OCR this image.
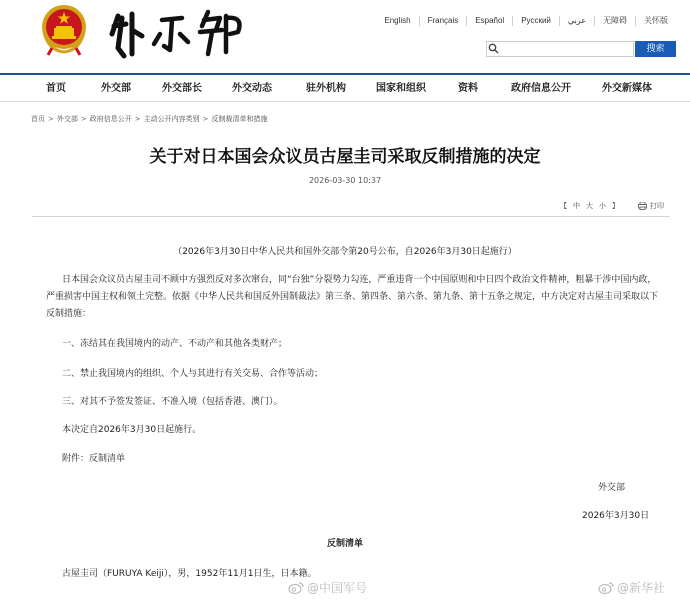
English	Français	Español	Русский	عربي	无障碍	关怀版
搜索
首页	外交部	外交部长	外交动态	驻外机构	国家和组织	资料	政府信息公开	外交新媒体
首页 > 外交部 > 政府信息公开 > 主动公开内容类别 > 反制裁清单和措施
关于对日本国会众议员古屋圭司采取反制措施的决定
2026-03-30 10:37
【 中 大 小 】	打印
（2026年3月30日中华人民共和国外交部令第20号公布，自2026年3月30日起施行）
日本国会众议员古屋圭司不顾中方强烈反对多次窜台，同“台独”分裂势力勾连，严重违背一个中国原则和中日四个政治文件精神，粗暴干涉中国内政，严重损害中国主权和领土完整。依据《中华人民共和国反外国制裁法》第三条、第四条、第六条、第九条、第十五条之规定，中方决定对古屋圭司采取以下反制措施：
一、冻结其在我国境内的动产、不动产和其他各类财产；
二、禁止我国境内的组织、个人与其进行有关交易、合作等活动；
三、对其不予签发签证、不准入境（包括香港、澳门）。
本决定自2026年3月30日起施行。
附件：反制清单
外交部
2026年3月30日
反制清单
古屋圭司（FURUYA Keiji），男，1952年11月1日生，日本籍。
@中国军号	@新华社
